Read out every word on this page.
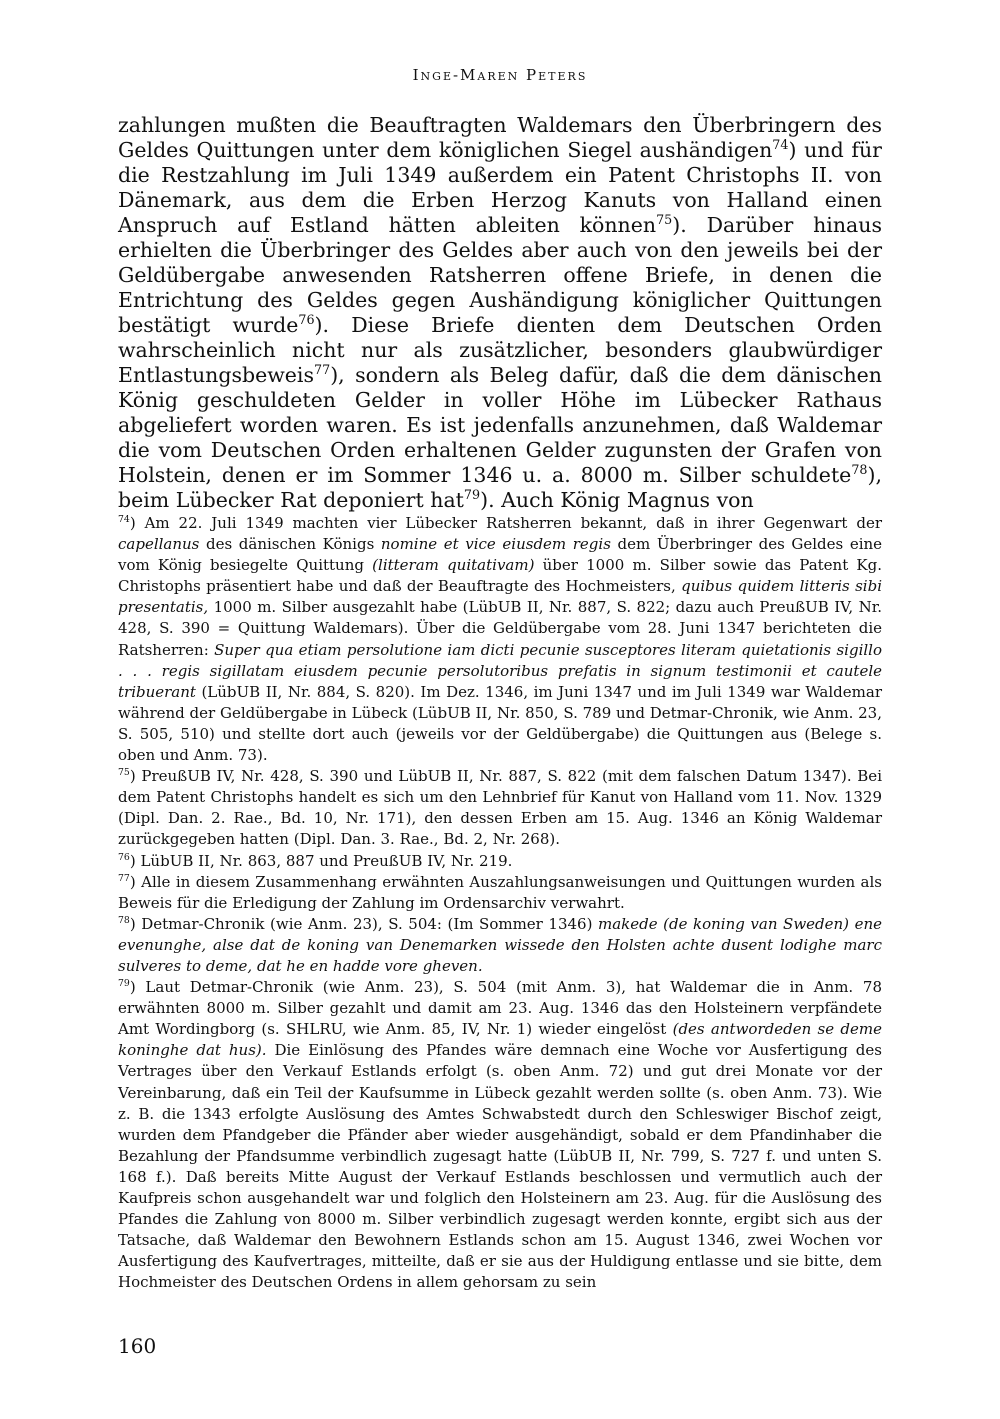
Inge-Maren Peters

zahlungen mußten die Beauftragten Waldemars den Überbringern des Geldes Quittungen unter dem königlichen Siegel aushändigen$^{74}$) und für die Restzahlung im Juli 1349 außerdem ein Patent Christophs II. von Dänemark, aus dem die Erben Herzog Kanuts von Halland einen Anspruch auf Estland hätten ableiten können$^{75}$). Darüber hinaus erhielten die Überbringer des Geldes aber auch von den jeweils bei der Geldübergabe anwesenden Ratsherren offene Briefe, in denen die Entrichtung des Geldes gegen Aushändigung königlicher Quittungen bestätigt wurde$^{76}$). Diese Briefe dienten dem Deutschen Orden wahrscheinlich nicht nur als zusätzlicher, besonders glaubwürdiger Entlastungsbeweis$^{77}$), sondern als Beleg dafür, daß die dem dänischen König geschuldeten Gelder in voller Höhe im Lübecker Rathaus abgeliefert worden waren. Es ist jedenfalls anzunehmen, daß Waldemar die vom Deutschen Orden erhaltenen Gelder zugunsten der Grafen von Holstein, denen er im Sommer 1346 u. a. 8000 m. Silber schuldete$^{78}$), beim Lübecker Rat deponiert hat$^{79}$). Auch König Magnus von

$^{74}$) Am 22. Juli 1349 machten vier Lübecker Ratsherren bekannt, daß in ihrer Gegenwart der capellanus des dänischen Königs nomine et vice eiusdem regis dem Überbringer des Geldes eine vom König besiegelte Quittung (litteram quitativam) über 1000 m. Silber sowie das Patent Kg. Christophs präsentiert habe und daß der Beauftragte des Hochmeisters, quibus quidem litteris sibi presentatis, 1000 m. Silber ausgezahlt habe (LübUB II, Nr. 887, S. 822; dazu auch PreußUB IV, Nr. 428, S. 390 = Quittung Waldemars). Über die Geldübergabe vom 28. Juni 1347 berichteten die Ratsherren: Super qua etiam persolutione iam dicti pecunie susceptores literam quietationis sigillo . . . regis sigillatam eiusdem pecunie persolutoribus prefatis in signum testimonii et cautele tribuerant (LübUB II, Nr. 884, S. 820). Im Dez. 1346, im Juni 1347 und im Juli 1349 war Waldemar während der Geldübergabe in Lübeck (LübUB II, Nr. 850, S. 789 und Detmar-Chronik, wie Anm. 23, S. 505, 510) und stellte dort auch (jeweils vor der Geldübergabe) die Quittungen aus (Belege s. oben und Anm. 73).

$^{75}$) PreußUB IV, Nr. 428, S. 390 und LübUB II, Nr. 887, S. 822 (mit dem falschen Datum 1347). Bei dem Patent Christophs handelt es sich um den Lehnbrief für Kanut von Halland vom 11. Nov. 1329 (Dipl. Dan. 2. Rae., Bd. 10, Nr. 171), den dessen Erben am 15. Aug. 1346 an König Waldemar zurückgegeben hatten (Dipl. Dan. 3. Rae., Bd. 2, Nr. 268).

$^{76}$) LübUB II, Nr. 863, 887 und PreußUB IV, Nr. 219.

$^{77}$) Alle in diesem Zusammenhang erwähnten Auszahlungsanweisungen und Quittungen wurden als Beweis für die Erledigung der Zahlung im Ordensarchiv verwahrt.

$^{78}$) Detmar-Chronik (wie Anm. 23), S. 504: (Im Sommer 1346) makede (de koning van Sweden) ene evenunghe, alse dat de koning van Denemarken wissede den Holsten achte dusent lodighe marc sulveres to deme, dat he en hadde vore gheven.

$^{79}$) Laut Detmar-Chronik (wie Anm. 23), S. 504 (mit Anm. 3), hat Waldemar die in Anm. 78 erwähnten 8000 m. Silber gezahlt und damit am 23. Aug. 1346 das den Holsteinern verpfändete Amt Wordingborg (s. SHLRU, wie Anm. 85, IV, Nr. 1) wieder eingelöst (des antwordeden se deme koninghe dat hus). Die Einlösung des Pfandes wäre demnach eine Woche vor Ausfertigung des Vertrages über den Verkauf Estlands erfolgt (s. oben Anm. 72) und gut drei Monate vor der Vereinbarung, daß ein Teil der Kaufsumme in Lübeck gezahlt werden sollte (s. oben Anm. 73). Wie z. B. die 1343 erfolgte Auslösung des Amtes Schwabstedt durch den Schleswiger Bischof zeigt, wurden dem Pfandgeber die Pfänder aber wieder ausgehändigt, sobald er dem Pfandinhaber die Bezahlung der Pfandsumme verbindlich zugesagt hatte (LübUB II, Nr. 799, S. 727 f. und unten S. 168 f.). Daß bereits Mitte August der Verkauf Estlands beschlossen und vermutlich auch der Kaufpreis schon ausgehandelt war und folglich den Holsteinern am 23. Aug. für die Auslösung des Pfandes die Zahlung von 8000 m. Silber verbindlich zugesagt werden konnte, ergibt sich aus der Tatsache, daß Waldemar den Bewohnern Estlands schon am 15. August 1346, zwei Wochen vor Ausfertigung des Kaufvertrages, mitteilte, daß er sie aus der Huldigung entlasse und sie bitte, dem Hochmeister des Deutschen Ordens in allem gehorsam zu sein

160
